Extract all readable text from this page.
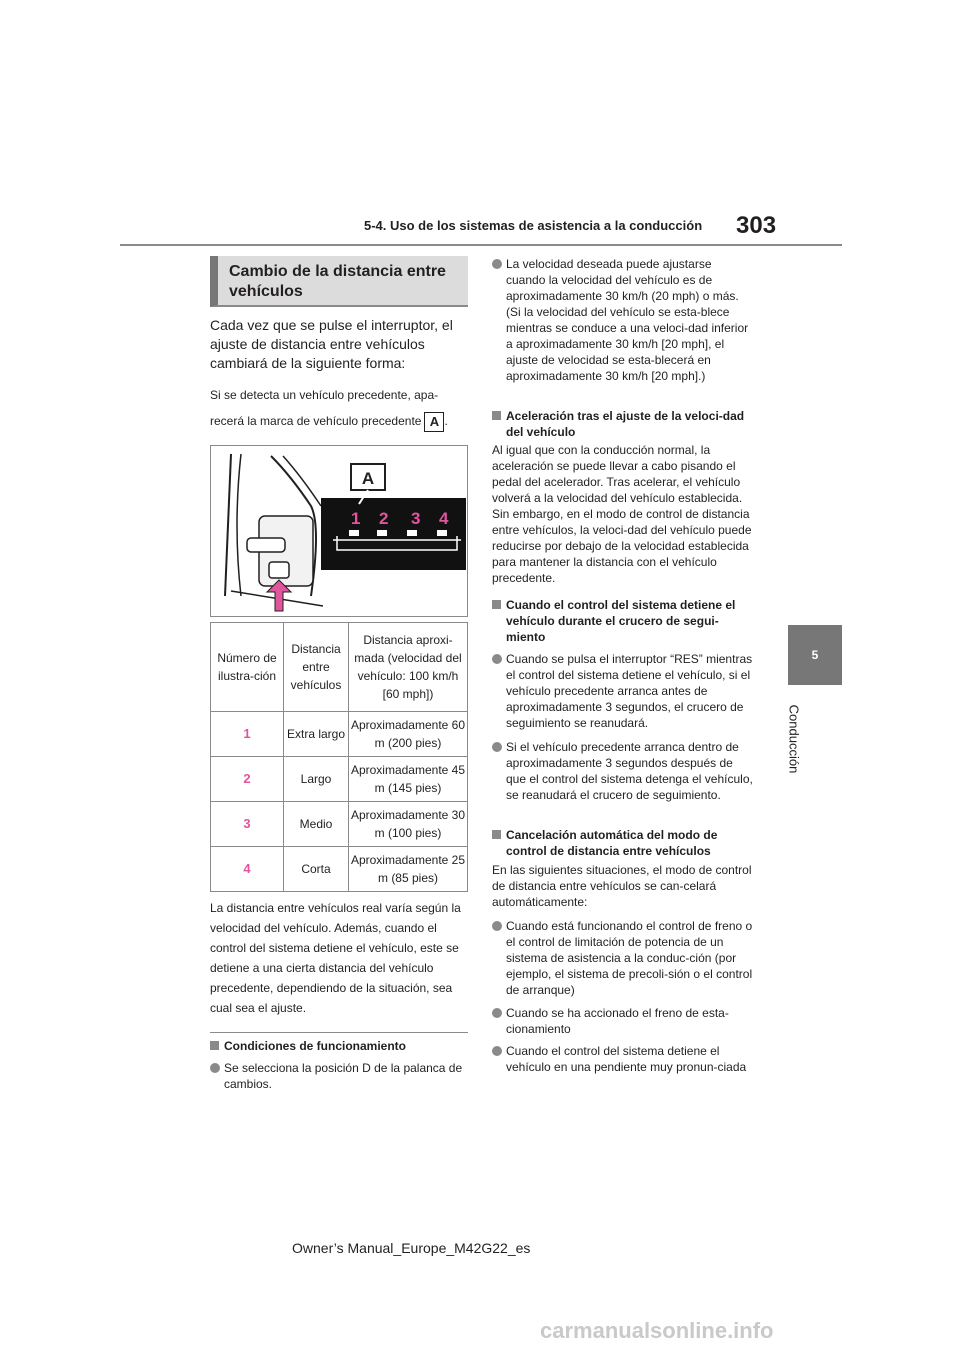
5-4. Uso de los sistemas de asistencia a la conducción 303
5
Conducción
Cambio de la distancia entre vehículos
Cada vez que se pulse el interruptor, el ajuste de distancia entre vehículos cambiará de la siguiente forma:
Si se detecta un vehículo precedente, apa-recerá la marca de vehículo precedente A .
A
1 2 3 4
Número de ilustra-ción	Distancia entre vehículos	Distancia aproxi-mada (velocidad del vehículo: 100 km/h [60 mph])
1	Extra largo	Aproximadamente 60 m (200 pies)
2	Largo	Aproximadamente 45 m (145 pies)
3	Medio	Aproximadamente 30 m (100 pies)
4	Corta	Aproximadamente 25 m (85 pies)
La distancia entre vehículos real varía según la velocidad del vehículo. Además, cuando el control del sistema detiene el vehículo, este se detiene a una cierta distancia del vehículo precedente, dependiendo de la situación, sea cual sea el ajuste.
Condiciones de funcionamiento
Se selecciona la posición D de la palanca de cambios.
La velocidad deseada puede ajustarse cuando la velocidad del vehículo es de aproximadamente 30 km/h (20 mph) o más. (Si la velocidad del vehículo se esta-blece mientras se conduce a una veloci-dad inferior a aproximadamente 30 km/h [20 mph], el ajuste de velocidad se esta-blecerá en aproximadamente 30 km/h [20 mph].)
Aceleración tras el ajuste de la veloci-dad del vehículo
Al igual que con la conducción normal, la aceleración se puede llevar a cabo pisando el pedal del acelerador. Tras acelerar, el vehículo volverá a la velocidad del vehículo establecida. Sin embargo, en el modo de control de distancia entre vehículos, la veloci-dad del vehículo puede reducirse por debajo de la velocidad establecida para mantener la distancia con el vehículo precedente.
Cuando el control del sistema detiene el vehículo durante el crucero de segui-miento
Cuando se pulsa el interruptor “RES” mientras el control del sistema detiene el vehículo, si el vehículo precedente arranca antes de aproximadamente 3 segundos, el crucero de seguimiento se reanudará.
Si el vehículo precedente arranca dentro de aproximadamente 3 segundos después de que el control del sistema detenga el vehículo, se reanudará el crucero de seguimiento.
Cancelación automática del modo de control de distancia entre vehículos
En las siguientes situaciones, el modo de control de distancia entre vehículos se can-celará automáticamente:
Cuando está funcionando el control de freno o el control de limitación de potencia de un sistema de asistencia a la conduc-ción (por ejemplo, el sistema de precoli-sión o el control de arranque)
Cuando se ha accionado el freno de esta-cionamiento
Cuando el control del sistema detiene el vehículo en una pendiente muy pronun-ciada
Owner’s Manual_Europe_M42G22_es
carmanualsonline.info
